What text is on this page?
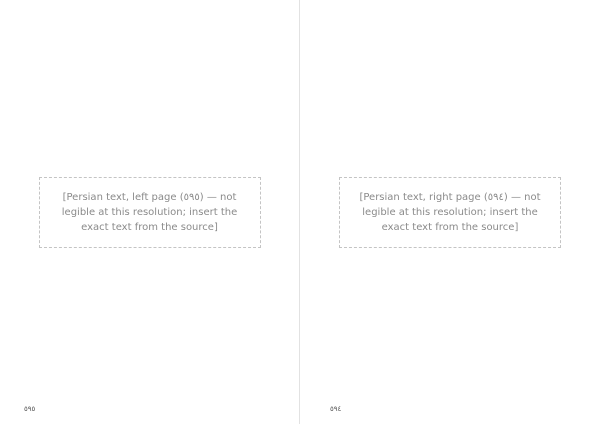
[Persian text, left page (٥٩٥) — not legible at this resolution; insert the exact text from the source]
٥٩٥
[Persian text, right page (٥٩٤) — not legible at this resolution; insert the exact text from the source]
٥٩٤
